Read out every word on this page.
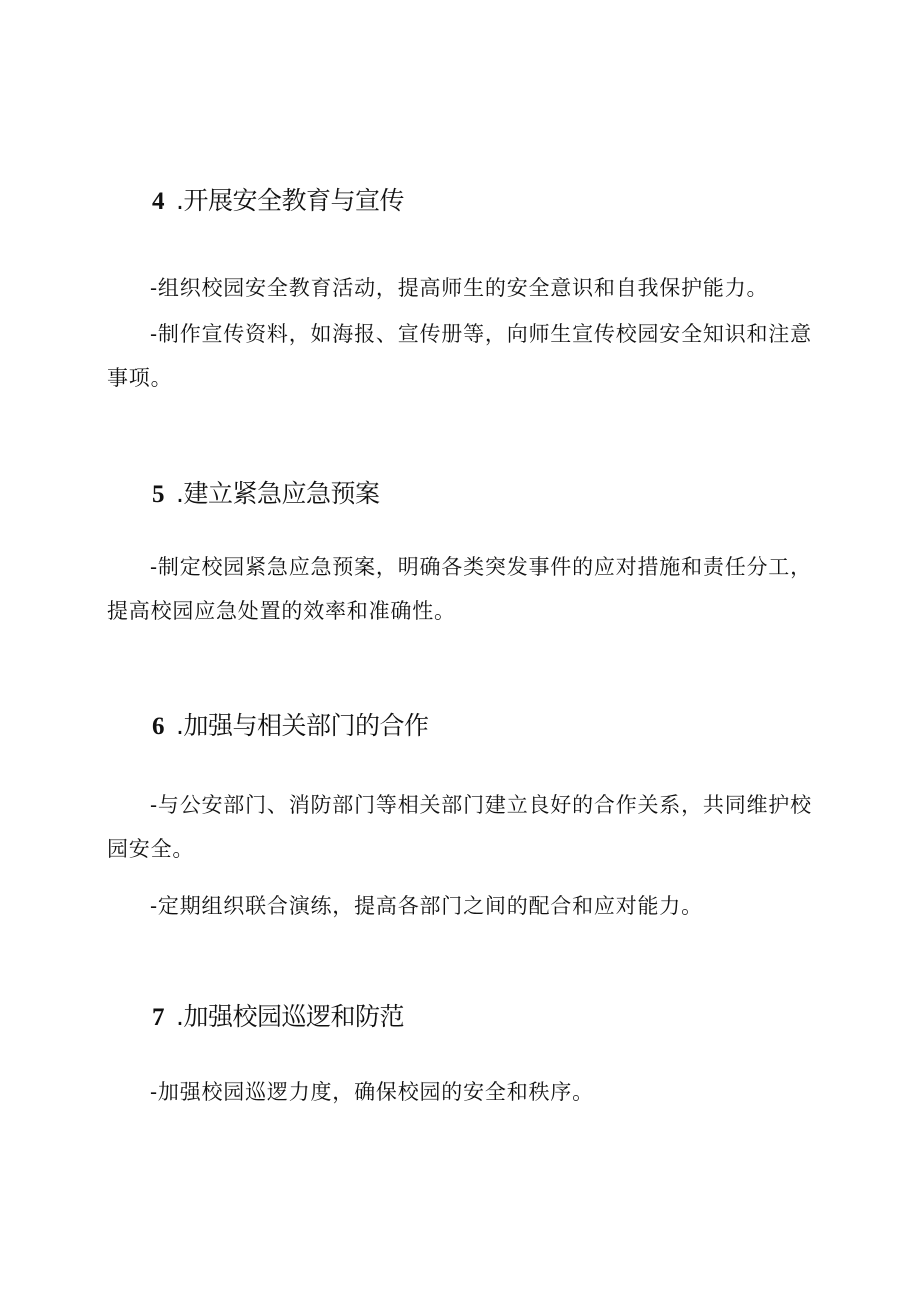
4 .开展安全教育与宣传

-组织校园安全教育活动，提高师生的安全意识和自我保护能力。

-制作宣传资料，如海报、宣传册等，向师生宣传校园安全知识和注意事项。

5 .建立紧急应急预案

-制定校园紧急应急预案，明确各类突发事件的应对措施和责任分工，提高校园应急处置的效率和准确性。

6 .加强与相关部门的合作

-与公安部门、消防部门等相关部门建立良好的合作关系，共同维护校园安全。

-定期组织联合演练，提高各部门之间的配合和应对能力。

7 .加强校园巡逻和防范

-加强校园巡逻力度，确保校园的安全和秩序。
